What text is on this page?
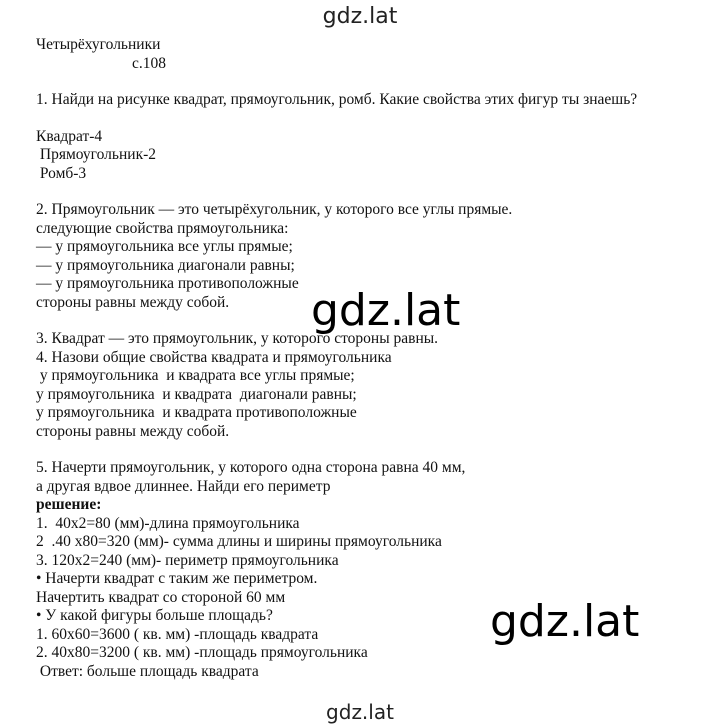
gdz.lat
gdz.lat
gdz.lat
gdz.lat
Четырёхугольники
с.108
1. Найди на рисунке квадрат, прямоугольник, ромб. Какие свойства этих фигур ты знаешь?
Квадрат-4
Прямоугольник-2
Ромб-3
2. Прямоугольник — это четырёхугольник, у которого все углы прямые.
следующие свойства прямоугольника:
— у прямоугольника все углы прямые;
— у прямоугольника диагонали равны;
— у прямоугольника противоположные
стороны равны между собой.
3. Квадрат — это прямоугольник, у которого стороны равны.
4. Назови общие свойства квадрата и прямоугольника
у прямоугольника  и квадрата все углы прямые;
у прямоугольника  и квадрата  диагонали равны;
у прямоугольника  и квадрата противоположные
стороны равны между собой.
5. Начерти прямоугольник, у которого одна сторона равна 40 мм,
а другая вдвое длиннее. Найди его периметр
решение:
1.  40x2=80 (мм)-длина прямоугольника
2  .40 x80=320 (мм)- сумма длины и ширины прямоугольника
3. 120x2=240 (мм)- периметр прямоугольника
• Начерти квадрат с таким же периметром.
Начертить квадрат со стороной 60 мм
• У какой фигуры больше площадь?
1. 60x60=3600 ( кв. мм) -площадь квадрата
2. 40x80=3200 ( кв. мм) -площадь прямоугольника
Ответ: больше площадь квадрата
